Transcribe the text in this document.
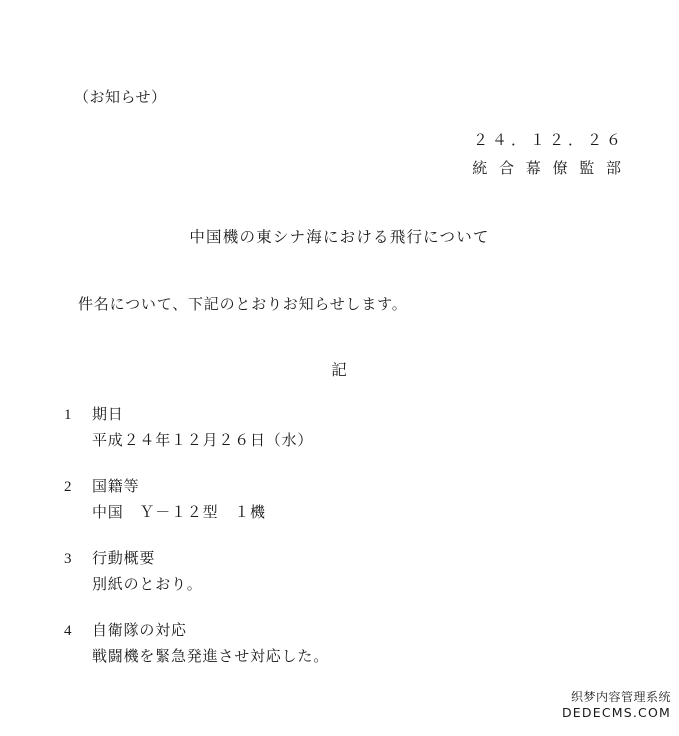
（お知らせ）
２４．１２．２６
統 合 幕 僚 監 部
中国機の東シナ海における飛行について
件名について、下記のとおりお知らせします。
記
1	期日
平成２４年１２月２６日（水）
2	国籍等
中国　Ｙ－１２型　１機
3	行動概要
別紙のとおり。
4	自衛隊の対応
戦闘機を緊急発進させ対応した。
织梦内容管理系统
DEDECMS.COM
